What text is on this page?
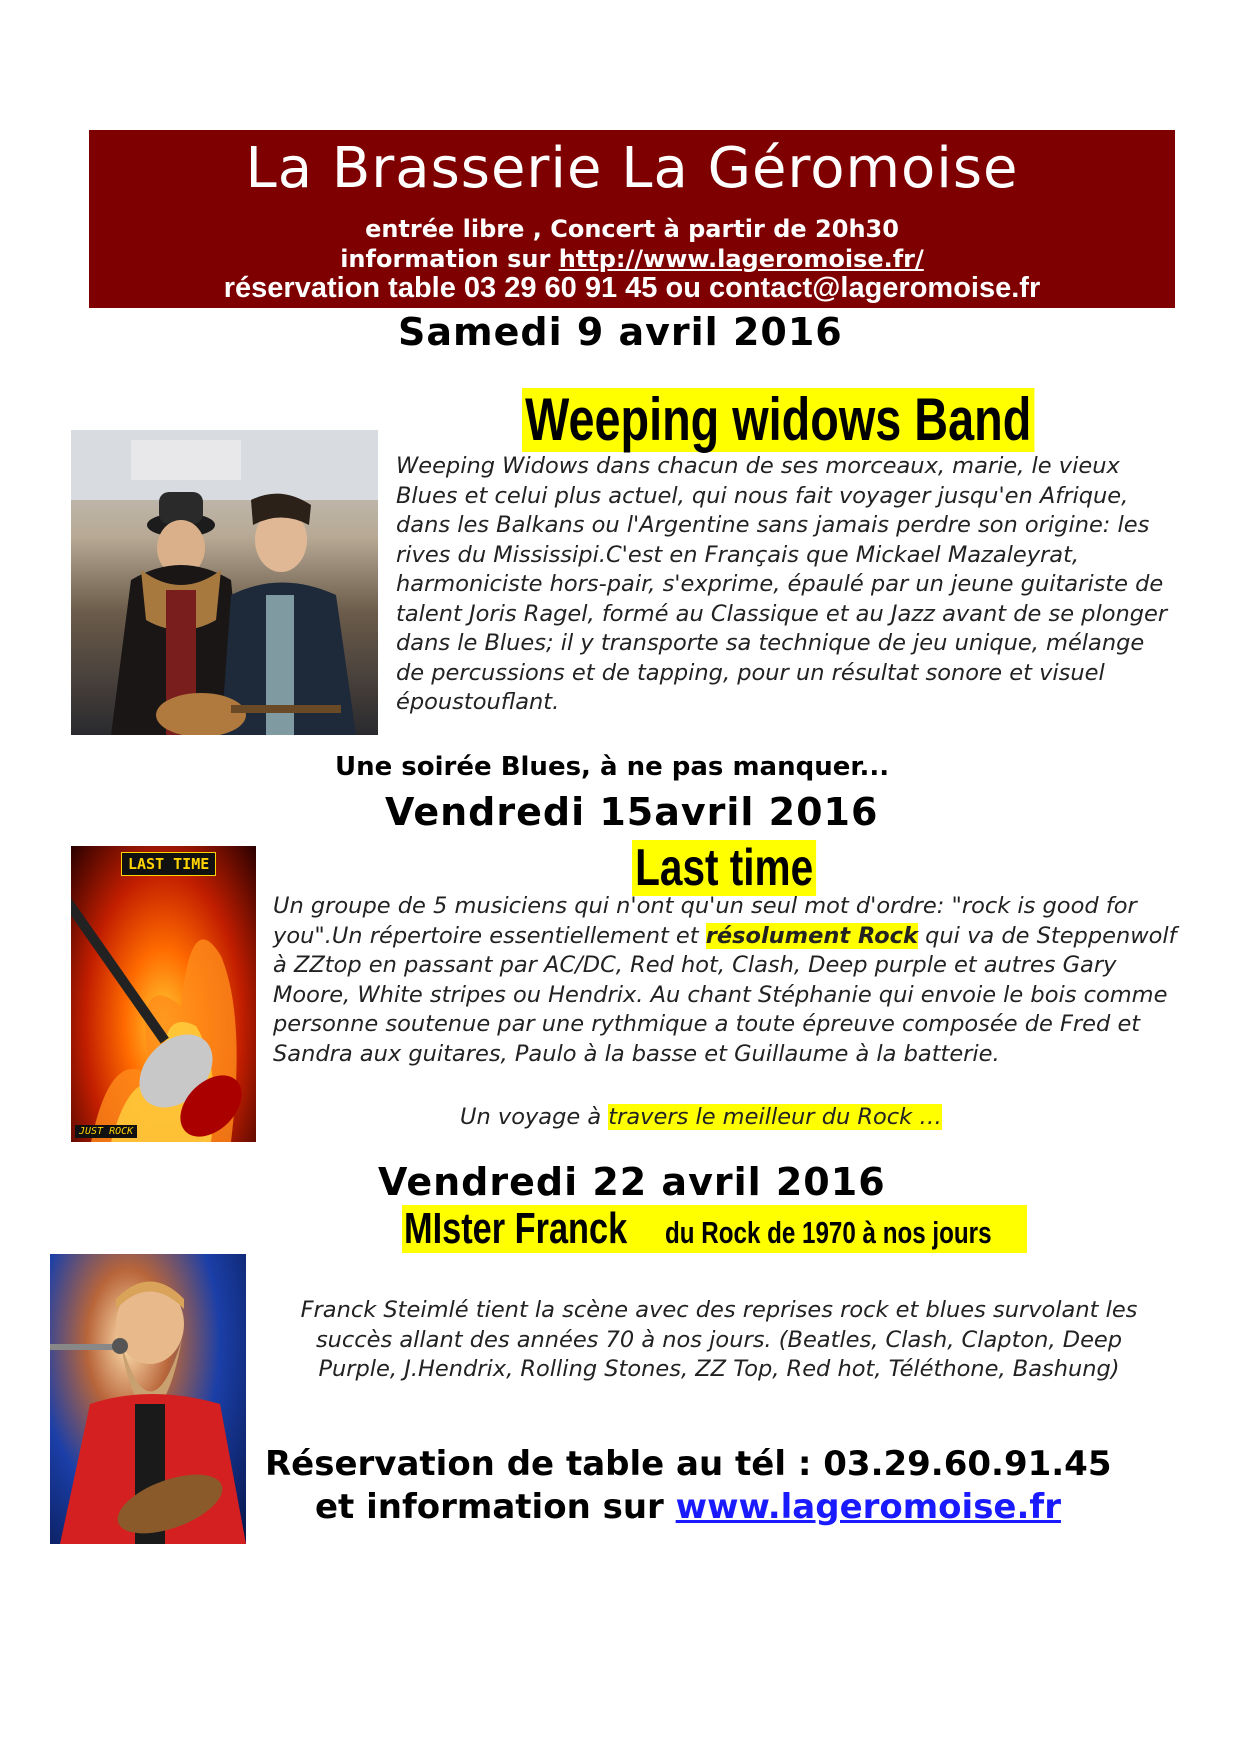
La Brasserie La Géromoise
entrée libre , Concert à partir de 20h30
information sur http://www.lageromoise.fr/
réservation table 03 29 60 91 45 ou contact@lageromoise.fr
Samedi 9 avril 2016
Weeping widows Band
Weeping Widows dans chacun de ses morceaux, marie, le vieux Blues et celui plus actuel, qui nous fait voyager jusqu'en Afrique, dans les Balkans ou l'Argentine sans jamais perdre son origine: les rives du Mississipi.C'est en Français que Mickael Mazaleyrat, harmoniciste hors-pair, s'exprime, épaulé par un jeune guitariste de talent Joris Ragel, formé au Classique et au Jazz avant de se plonger dans le Blues; il y transporte sa technique de jeu unique, mélange de percussions et de tapping, pour un résultat sonore et visuel époustouflant.
Une soirée Blues, à ne pas manquer...
Vendredi 15avril 2016
Last time
LAST TIME
JUST ROCK
Un groupe de 5 musiciens qui n'ont qu'un seul mot d'ordre: "rock is good for you".Un répertoire essentiellement et résolument Rock qui va de Steppenwolf à ZZtop en passant par AC/DC, Red hot, Clash, Deep purple et autres Gary Moore, White stripes ou Hendrix. Au chant Stéphanie qui envoie le bois comme personne soutenue par une rythmique a toute épreuve composée de Fred et Sandra aux guitares, Paulo à la basse et Guillaume à la batterie.
Un voyage à travers le meilleur du Rock …
Vendredi 22 avril 2016
MIster Franck du Rock de 1970 à nos jours
Franck Steimlé tient la scène avec des reprises rock et blues survolant les succès allant des années 70 à nos jours. (Beatles, Clash, Clapton, Deep Purple, J.Hendrix, Rolling Stones, ZZ Top, Red hot, Téléthone, Bashung)
Réservation de table au tél : 03.29.60.91.45
et information sur www.lageromoise.fr
